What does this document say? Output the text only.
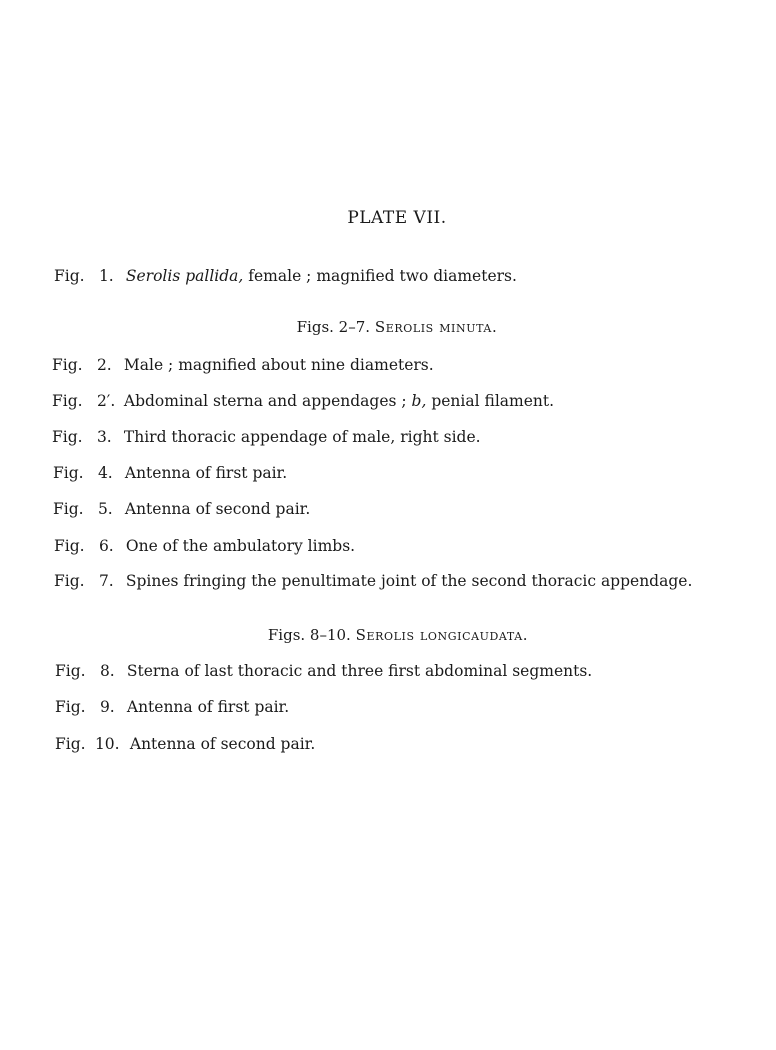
PLATE VII.
Fig. 1. Serolis pallida, female ; magnified two diameters.
Figs. 2–7. Serolis minuta.
Fig. 2. Male ; magnified about nine diameters.
Fig. 2′. Abdominal sterna and appendages ; b, penial filament.
Fig. 3. Third thoracic appendage of male, right side.
Fig. 4. Antenna of first pair.
Fig. 5. Antenna of second pair.
Fig. 6. One of the ambulatory limbs.
Fig. 7. Spines fringing the penultimate joint of the second thoracic appendage.
Figs. 8–10. Serolis longicaudata.
Fig. 8. Sterna of last thoracic and three first abdominal segments.
Fig. 9. Antenna of first pair.
Fig. 10. Antenna of second pair.
